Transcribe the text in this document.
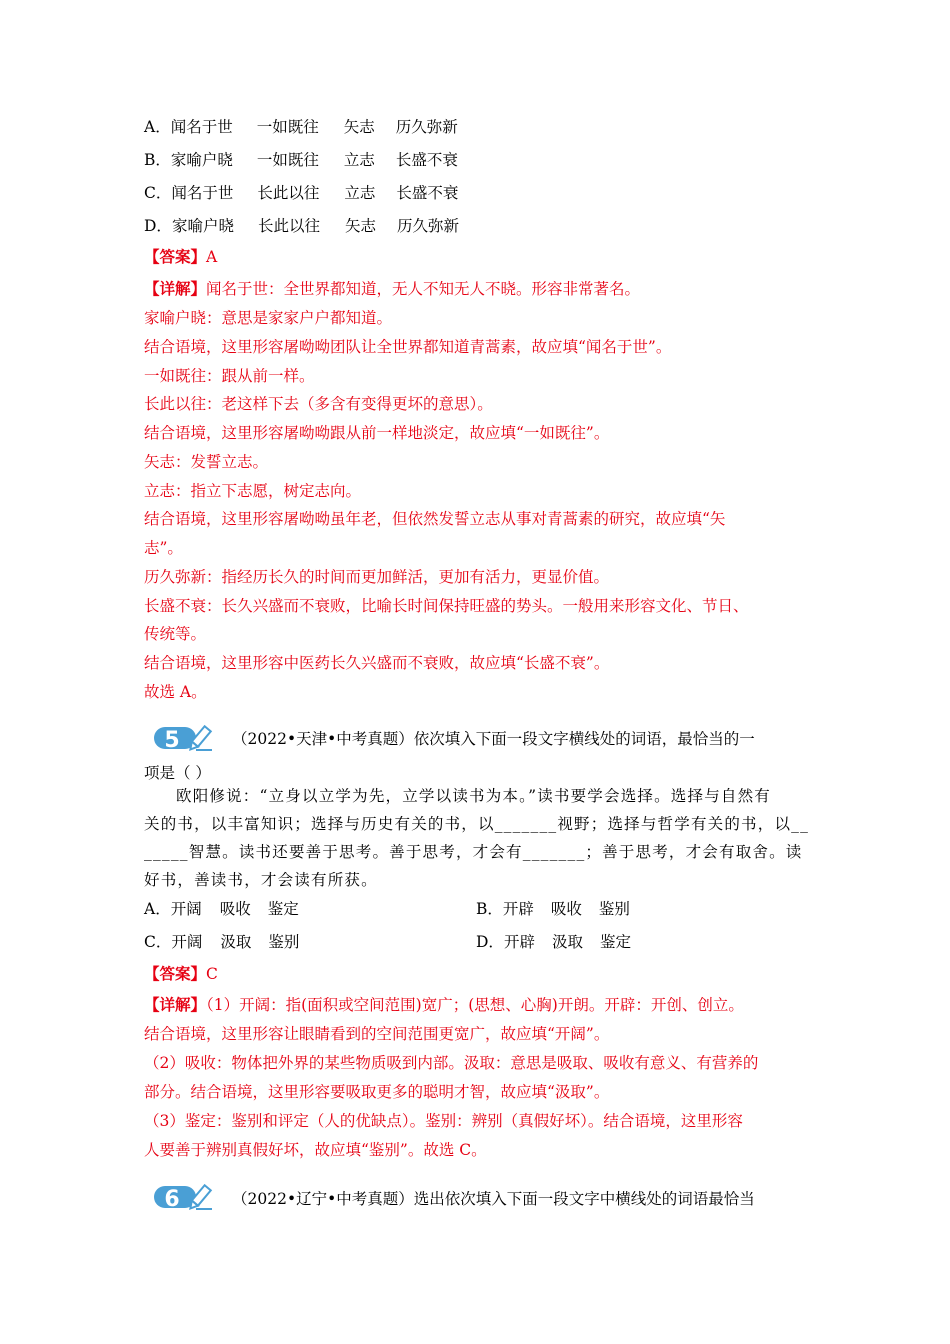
A．闻名于世 一如既往 矢志 历久弥新
B．家喻户晓 一如既往 立志 长盛不衰
C．闻名于世 长此以往 立志 长盛不衰
D．家喻户晓 长此以往 矢志 历久弥新
【答案】A
【详解】闻名于世：全世界都知道，无人不知无人不晓。形容非常著名。
家喻户晓：意思是家家户户都知道。
结合语境，这里形容屠呦呦团队让全世界都知道青蒿素，故应填“闻名于世”。
一如既往：跟从前一样。
长此以往：老这样下去（多含有变得更坏的意思）。
结合语境，这里形容屠呦呦跟从前一样地淡定，故应填“一如既往”。
矢志：发誓立志。
立志：指立下志愿，树定志向。
结合语境，这里形容屠呦呦虽年老，但依然发誓立志从事对青蒿素的研究，故应填“矢
志”。
历久弥新：指经历长久的时间而更加鲜活，更加有活力，更显价值。
长盛不衰：长久兴盛而不衰败，比喻长时间保持旺盛的势头。一般用来形容文化、节日、
传统等。
结合语境，这里形容中医药长久兴盛而不衰败，故应填“长盛不衰”。
故选 A。
5	（2022•天津•中考真题）依次填入下面一段文字横线处的词语，最恰当的一
项是（ ）
欧阳修说：“立身以立学为先，立学以读书为本。”读书要学会选择。选择与自然有
关的书，以丰富知识；选择与历史有关的书，以_______视野；选择与哲学有关的书，以__
_____智慧。读书还要善于思考。善于思考，才会有_______；善于思考，才会有取舍。读
好书，善读书，才会读有所获。
A．开阔 吸收 鉴定	B．开辟 吸收 鉴别
C．开阔 汲取 鉴别	D．开辟 汲取 鉴定
【答案】C
【详解】（1）开阔：指(面积或空间范围)宽广；(思想、心胸)开朗。开辟：开创、创立。
结合语境，这里形容让眼睛看到的空间范围更宽广，故应填“开阔”。
（2）吸收：物体把外界的某些物质吸到内部。汲取：意思是吸取、吸收有意义、有营养的
部分。结合语境，这里形容要吸取更多的聪明才智，故应填“汲取”。
（3）鉴定：鉴别和评定（人的优缺点）。鉴别：辨别（真假好坏）。结合语境，这里形容
人要善于辨别真假好坏，故应填“鉴别”。故选 C。
6	（2022•辽宁•中考真题）选出依次填入下面一段文字中横线处的词语最恰当
